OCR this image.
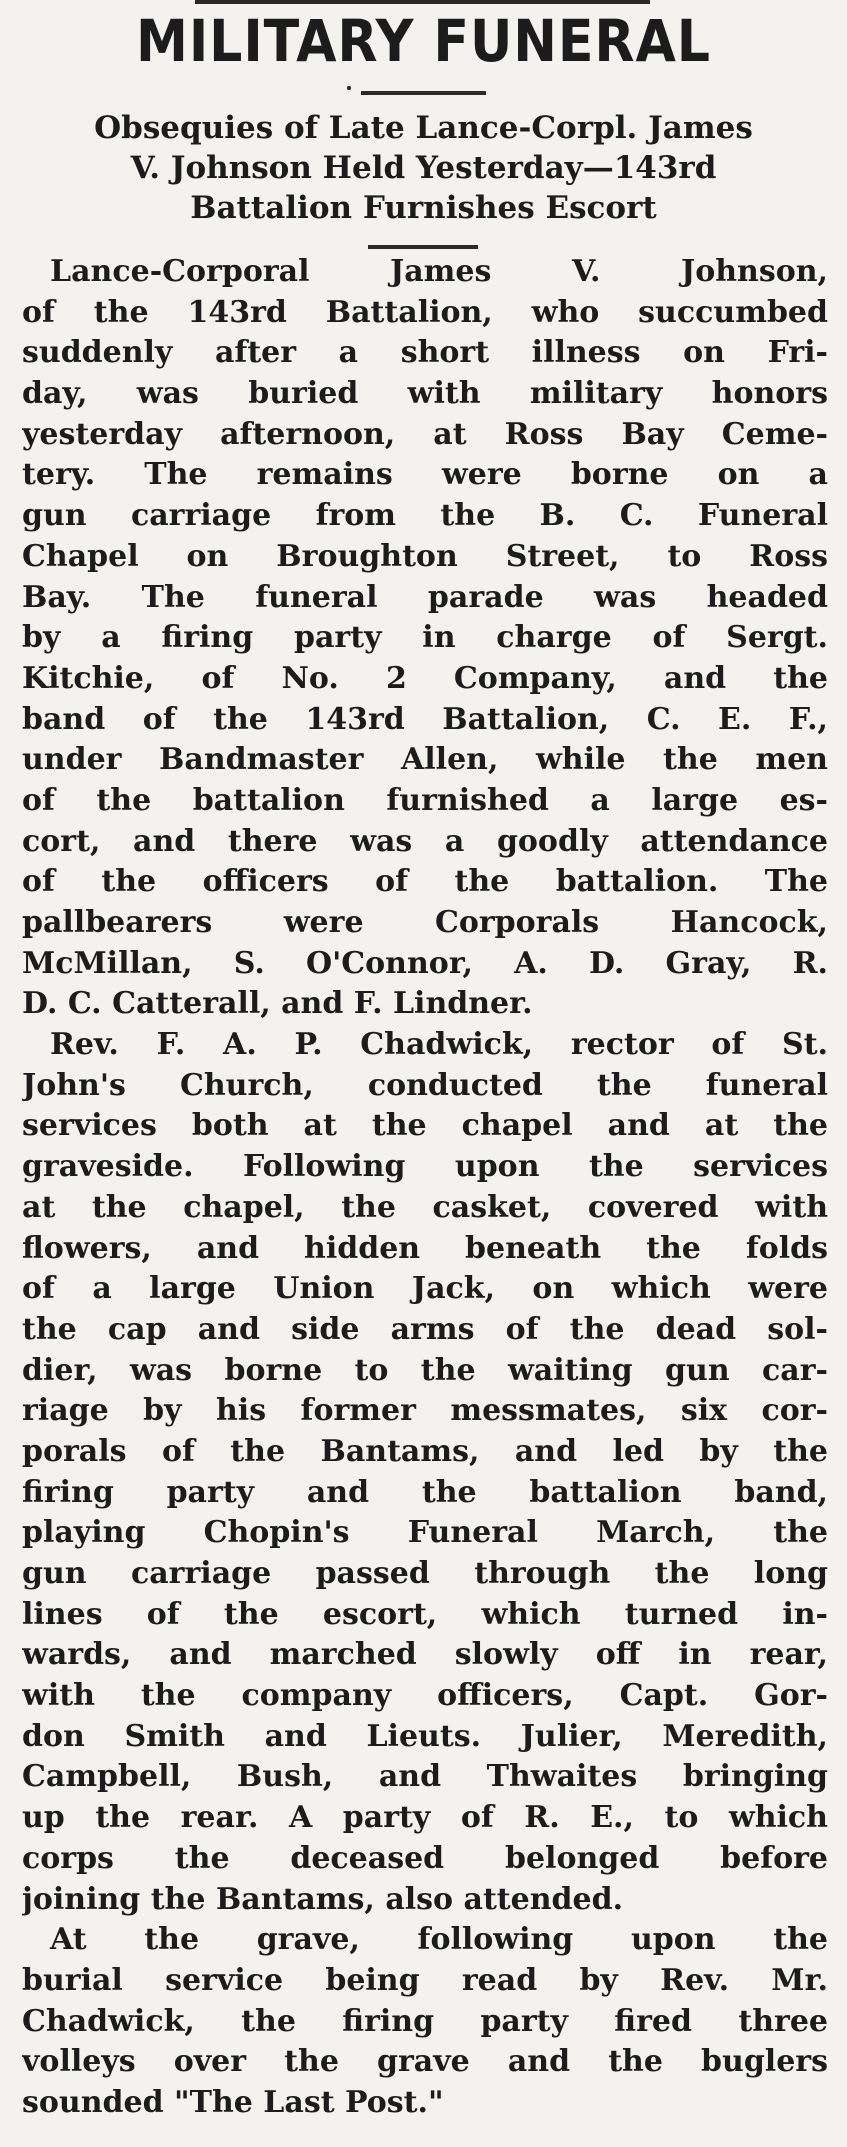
MILITARY FUNERAL
Obsequies of Late Lance-Corpl. James
V. Johnson Held Yesterday—143rd
Battalion Furnishes Escort
Lance-Corporal James V. Johnson,
of the 143rd Battalion, who succumbed
suddenly after a short illness on Fri-
day, was buried with military honors
yesterday afternoon, at Ross Bay Ceme-
tery. The remains were borne on a
gun carriage from the B. C. Funeral
Chapel on Broughton Street, to Ross
Bay. The funeral parade was headed
by a firing party in charge of Sergt.
Kitchie, of No. 2 Company, and the
band of the 143rd Battalion, C. E. F.,
under Bandmaster Allen, while the men
of the battalion furnished a large es-
cort, and there was a goodly attendance
of the officers of the battalion. The
pallbearers were Corporals Hancock,
McMillan, S. O'Connor, A. D. Gray, R.
D. C. Catterall, and F. Lindner.
Rev. F. A. P. Chadwick, rector of St.
John's Church, conducted the funeral
services both at the chapel and at the
graveside. Following upon the services
at the chapel, the casket, covered with
flowers, and hidden beneath the folds
of a large Union Jack, on which were
the cap and side arms of the dead sol-
dier, was borne to the waiting gun car-
riage by his former messmates, six cor-
porals of the Bantams, and led by the
firing party and the battalion band,
playing Chopin's Funeral March, the
gun carriage passed through the long
lines of the escort, which turned in-
wards, and marched slowly off in rear,
with the company officers, Capt. Gor-
don Smith and Lieuts. Julier, Meredith,
Campbell, Bush, and Thwaites bringing
up the rear. A party of R. E., to which
corps the deceased belonged before
joining the Bantams, also attended.
At the grave, following upon the
burial service being read by Rev. Mr.
Chadwick, the firing party fired three
volleys over the grave and the buglers
sounded "The Last Post."
